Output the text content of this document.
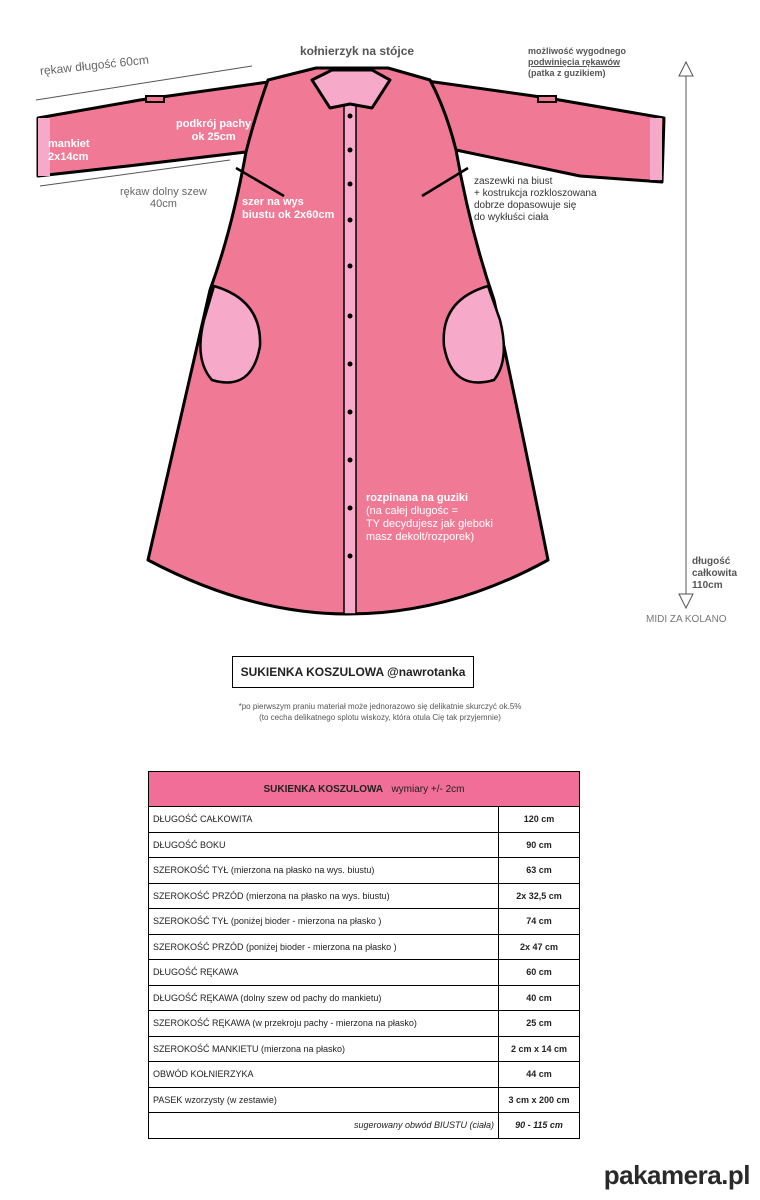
kołnierzyk na stójce
rękaw długość 60cm
możliwość wygodnego
podwinięcia rękawów
(patka z guzikiem)
mankiet
2x14cm
podkrój pachy
ok 25cm
rękaw dolny szew
40cm	szer na wys
biustu ok 2x60cm
zaszewki na biust
+ kostrukcja rozkloszowana
dobrze dopasowuje się
do wykłuści ciała
rozpinana na guziki
(na całej długośc =
TY decydujesz jak głeboki
masz dekolt/rozporek)
długość
całkowita
110cm
MIDI ZA KOLANO
SUKIENKA KOSZULOWA @nawrotanka
*po pierwszym praniu materiał może jednorazowo się delikatnie skurczyć ok.5%
(to cecha delikatnego splotu wiskozy, która otula Cię tak przyjemnie)
SUKIENKA KOSZULOWA wymiary +/- 2cm	
DŁUGOŚĆ CAŁKOWITA	120 cm
DŁUGOŚĆ BOKU	90 cm
SZEROKOŚĆ TYŁ (mierzona na płasko na wys. biustu)	63 cm
SZEROKOŚĆ PRZÓD (mierzona na płasko na wys. biustu)	2x 32,5 cm
SZEROKOŚĆ TYŁ (poniżej bioder - mierzona na płasko )	74 cm
SZEROKOŚĆ PRZÓD (poniżej bioder - mierzona na płasko )	2x 47 cm
DŁUGOŚĆ RĘKAWA	60 cm
DŁUGOŚĆ RĘKAWA (dolny szew od pachy do mankietu)	40 cm
SZEROKOŚĆ RĘKAWA (w przekroju pachy - mierzona na płasko)	25 cm
SZEROKOŚĆ MANKIETU (mierzona na płasko)	2 cm x 14 cm
OBWÓD KOŁNIERZYKA	44 cm
PASEK wzorzysty (w zestawie)	3 cm x 200 cm
sugerowany obwód BIUSTU (ciała)	90 - 115 cm
pakamera.pl
